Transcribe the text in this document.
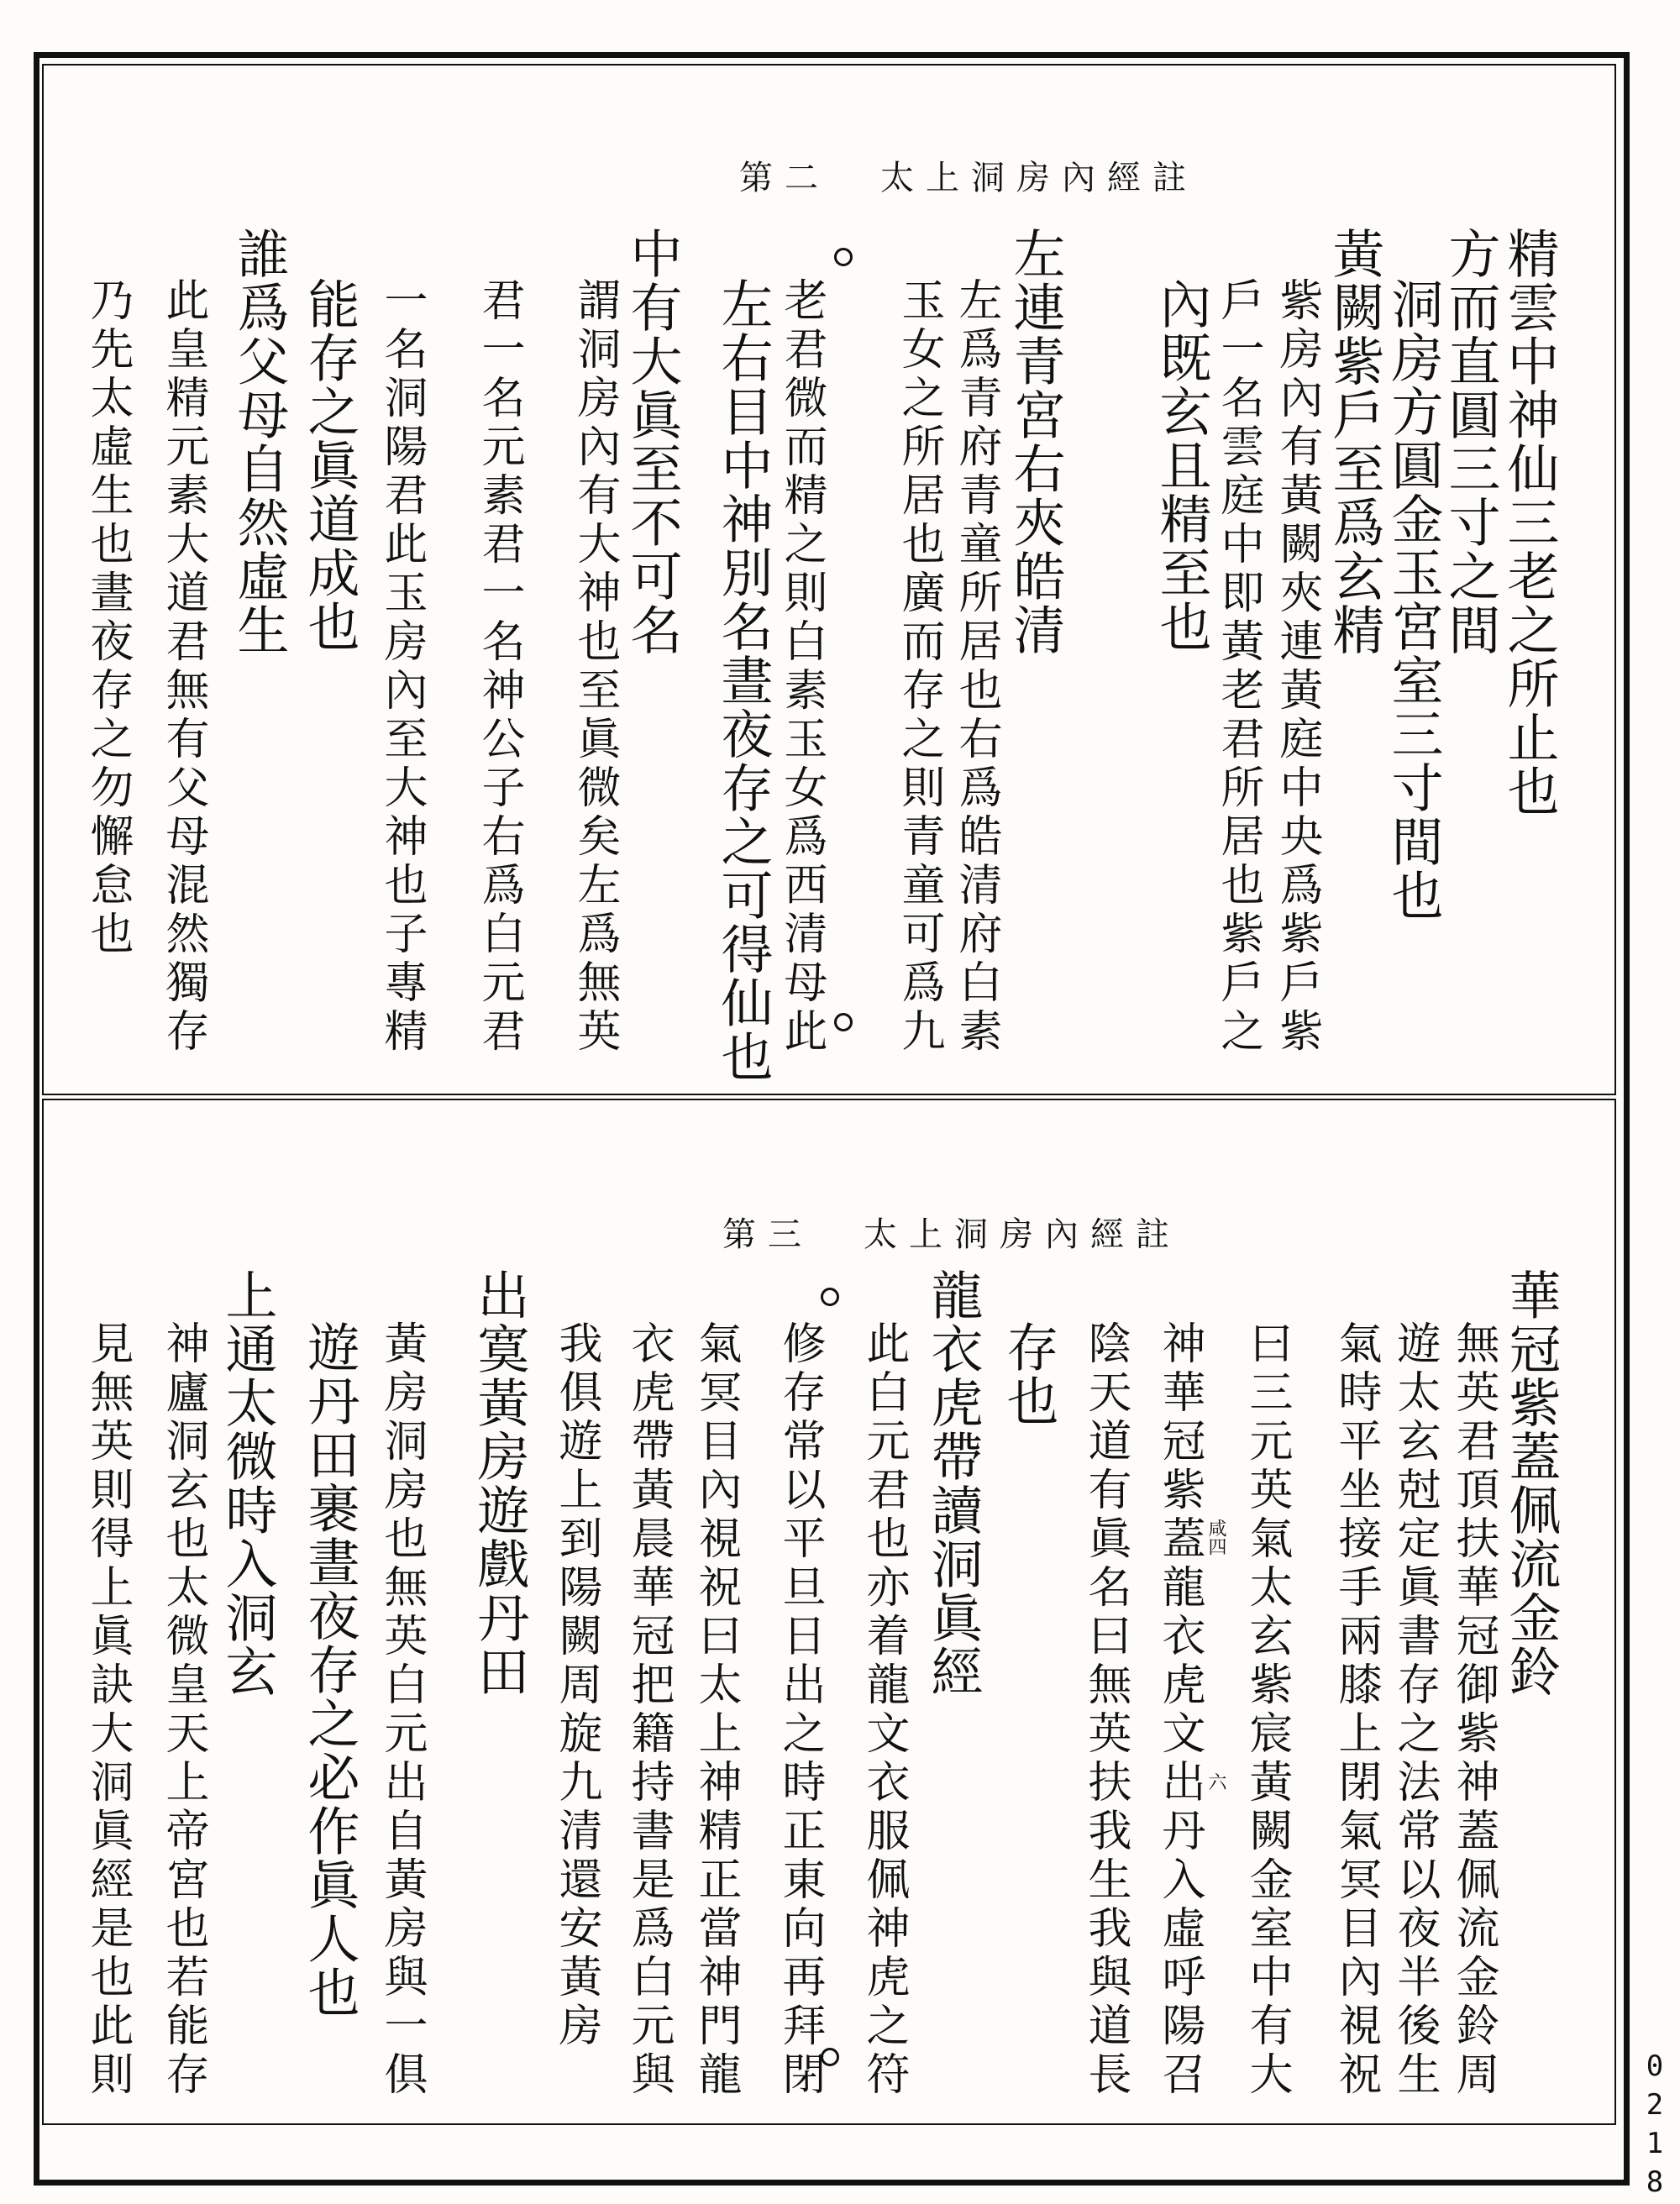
第二 太上洞房內經註
精雲中神仙三老之所止也
方而直圓三寸之間
洞房方圓金玉宮室三寸間也
黃闕紫戶至爲玄精
紫房內有黃闕夾連黃庭中央爲紫戶紫
戶一名雲庭中即黃老君所居也紫戶之
內既玄且精至也
左連青宮右夾皓清
左爲青府青童所居也右爲皓清府白素
玉女之所居也廣而存之則青童可爲九
老君微而精之則白素玉女爲西清母此
左右目中神別名晝夜存之可得仙也
中有大眞至不可名
謂洞房內有大神也至眞微矣左爲無英
君一名元素君一名神公子右爲白元君
一名洞陽君此玉房內至大神也子專精
能存之眞道成也
誰爲父母自然虛生
此皇精元素大道君無有父母混然獨存
乃先太虛生也晝夜存之勿懈怠也
第三 太上洞房內經註
華冠紫蓋佩流金鈴
無英君頂扶華冠御紫神蓋佩流金鈴周
遊太玄尅定眞書存之法常以夜半後生
氣時平坐接手兩膝上閉氣冥目內視祝
曰三元英氣太玄紫宸黃闕金室中有大
神華冠紫蓋龍衣虎文出丹入虛呼陽召
陰天道有眞名曰無英扶我生我與道長
存也
龍衣虎帶讀洞眞經
此白元君也亦着龍文衣服佩神虎之符
修存常以平旦日出之時正東向再拜閉
氣冥目內視祝曰太上神精正當神門龍
衣虎帶黃晨華冠把籍持書是爲白元與
我俱遊上到陽闕周旋九清還安黃房
出寞黃房遊戲丹田
黃房洞房也無英白元出自黃房與一俱
遊丹田裹晝夜存之必作眞人也
上通太微時入洞玄
神廬洞玄也太微皇天上帝宮也若能存
見無英則得上眞訣大洞眞經是也此則	咸四
六
0218
